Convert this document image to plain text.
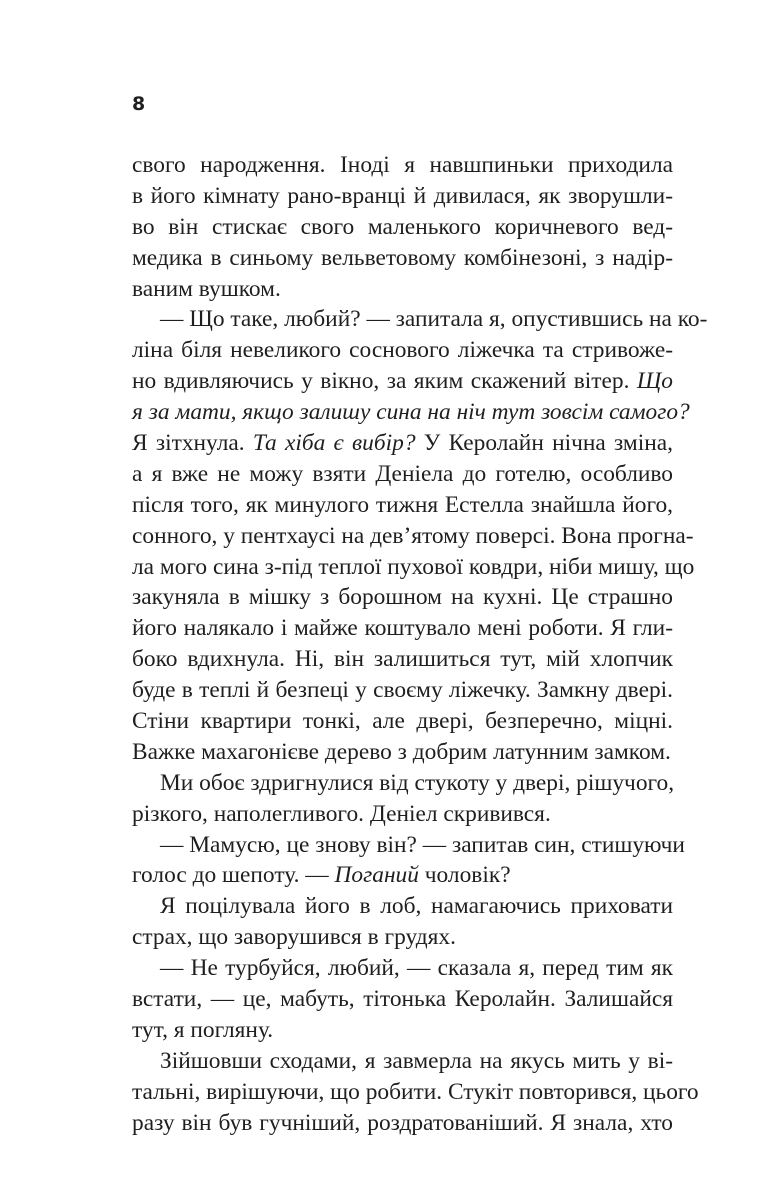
8
свого народження. Іноді я навшпиньки приходила
в його кімнату рано-вранці й дивилася, як зворушли-
во він стискає свого маленького коричневого вед-
медика в синьому вельветовому комбінезоні, з надір-
ваним вушком.
— Що таке, любий? — запитала я, опустившись на ко-
ліна біля невеликого соснового ліжечка та стривоже-
но вдивляючись у вікно, за яким скажений вітер. Що
я за мати, якщо залишу сина на ніч тут зовсім самого?
Я зітхнула. Та хіба є вибір? У Керолайн нічна зміна,
а я вже не можу взяти Деніела до готелю, особливо
після того, як минулого тижня Естелла знайшла його,
сонного, у пентхаусі на дев’ятому поверсі. Вона прогна-
ла мого сина з-під теплої пухової ковдри, ніби мишу, що
закуняла в мішку з борошном на кухні. Це страшно
його налякало і майже коштувало мені роботи. Я гли-
боко вдихнула. Ні, він залишиться тут, мій хлопчик
буде в теплі й безпеці у своєму ліжечку. Замкну двері.
Стіни квартири тонкі, але двері, безперечно, міцні.
Важке махагонієве дерево з добрим латунним замком.
Ми обоє здригнулися від стукоту у двері, рішучого,
різкого, наполегливого. Деніел скривився.
— Мамусю, це знову він? — запитав син, стишуючи
голос до шепоту. — Поганий чоловік?
Я поцілувала його в лоб, намагаючись приховати
страх, що заворушився в грудях.
— Не турбуйся, любий, — сказала я, перед тим як
встати, — це, мабуть, тітонька Керолайн. Залишайся
тут, я погляну.
Зійшовши сходами, я завмерла на якусь мить у ві-
тальні, вирішуючи, що робити. Стукіт повторився, цього
разу він був гучніший, роздратованіший. Я знала, хто
